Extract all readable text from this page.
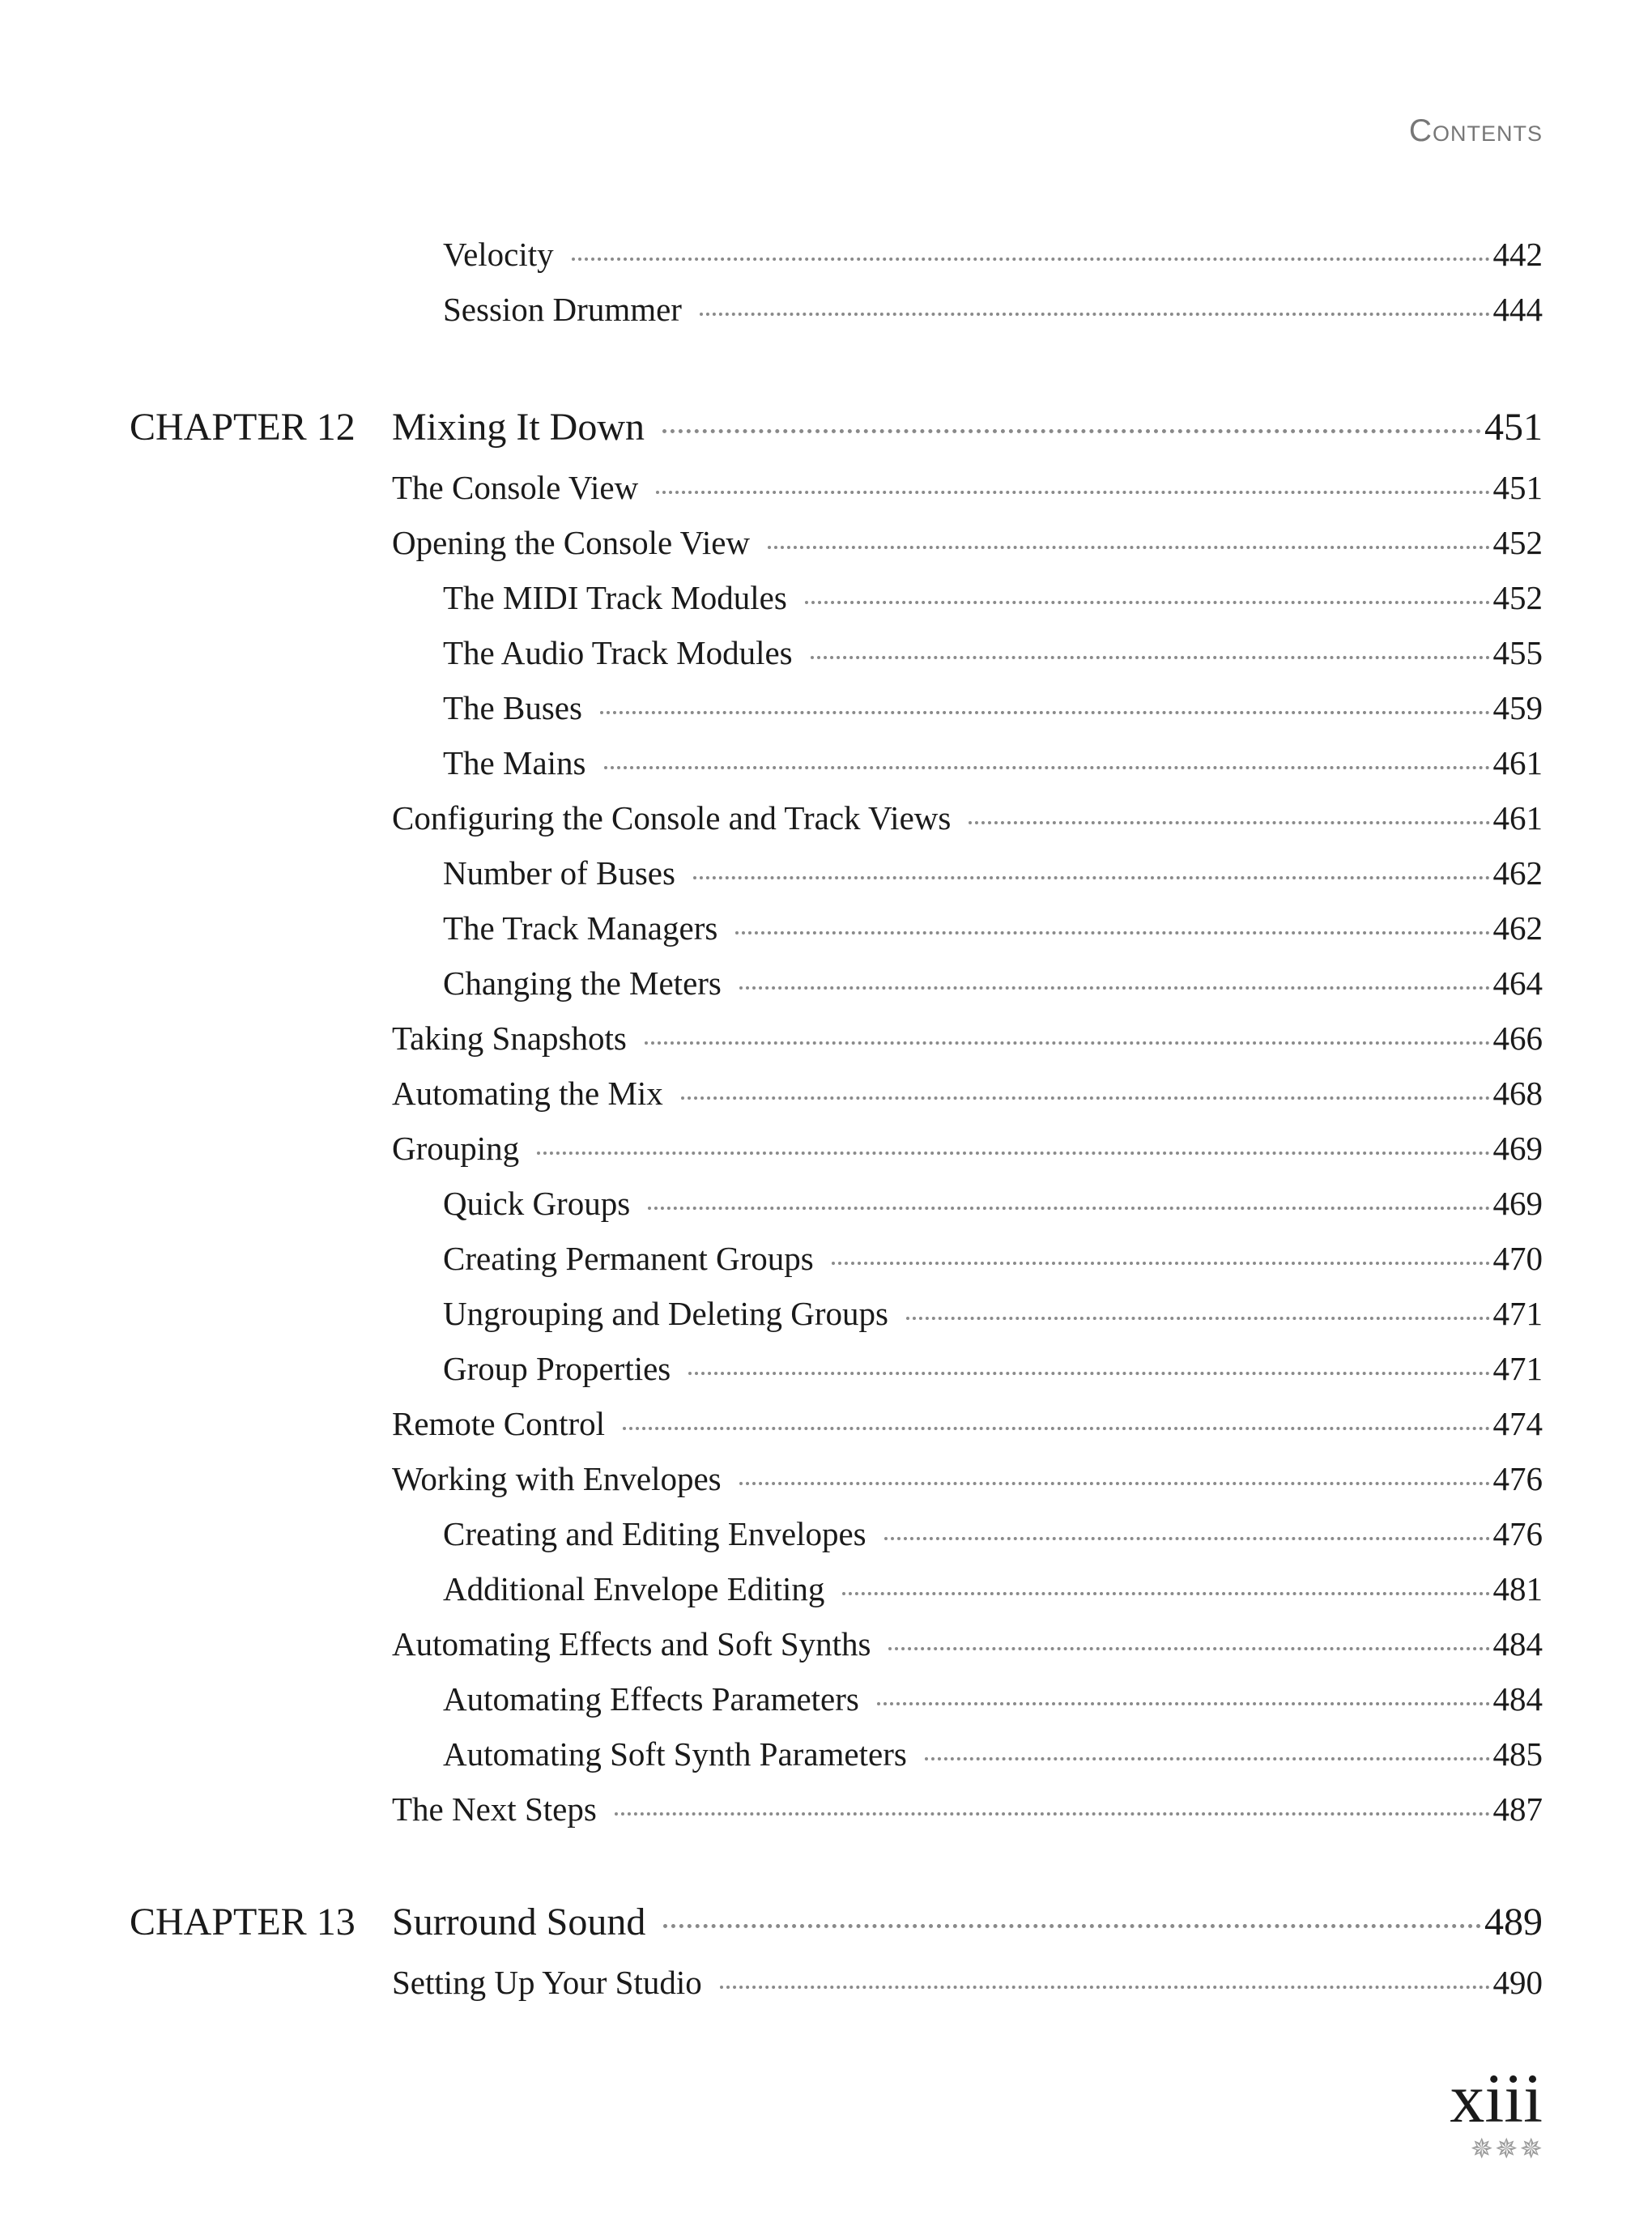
Contents
Velocity	442
Session Drummer	444
CHAPTER 12 Mixing It Down	451
The Console View	451
Opening the Console View	452
The MIDI Track Modules	452
The Audio Track Modules	455
The Buses	459
The Mains	461
Configuring the Console and Track Views	461
Number of Buses	462
The Track Managers	462
Changing the Meters	464
Taking Snapshots	466
Automating the Mix	468
Grouping	469
Quick Groups	469
Creating Permanent Groups	470
Ungrouping and Deleting Groups	471
Group Properties	471
Remote Control	474
Working with Envelopes	476
Creating and Editing Envelopes	476
Additional Envelope Editing	481
Automating Effects and Soft Synths	484
Automating Effects Parameters	484
Automating Soft Synth Parameters	485
The Next Steps	487
CHAPTER 13 Surround Sound	489
Setting Up Your Studio	490
xiii
✵✵✵
